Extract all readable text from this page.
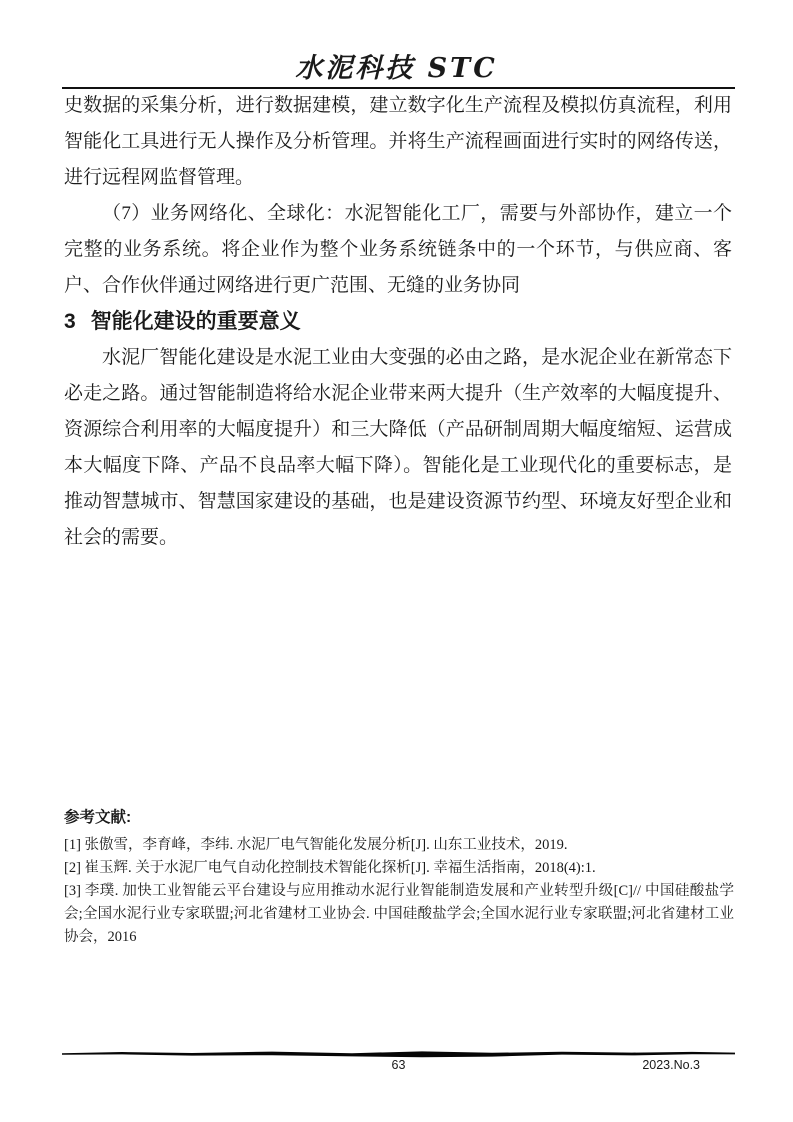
水泥科技 STC

史数据的采集分析，进行数据建模，建立数字化生产流程及模拟仿真流程，利用智能化工具进行无人操作及分析管理。并将生产流程画面进行实时的网络传送，进行远程网监督管理。

（7）业务网络化、全球化：水泥智能化工厂，需要与外部协作，建立一个完整的业务系统。将企业作为整个业务系统链条中的一个环节，与供应商、客户、合作伙伴通过网络进行更广范围、无缝的业务协同

3 智能化建设的重要意义

水泥厂智能化建设是水泥工业由大变强的必由之路，是水泥企业在新常态下必走之路。通过智能制造将给水泥企业带来两大提升（生产效率的大幅度提升、资源综合利用率的大幅度提升）和三大降低（产品研制周期大幅度缩短、运营成本大幅度下降、产品不良品率大幅下降）。智能化是工业现代化的重要标志，是推动智慧城市、智慧国家建设的基础，也是建设资源节约型、环境友好型企业和社会的需要。

参考文献:

[1] 张傲雪，李育峰，李纬. 水泥厂电气智能化发展分析[J]. 山东工业技术，2019.

[2] 崔玉辉. 关于水泥厂电气自动化控制技术智能化探析[J]. 幸福生活指南，2018(4):1.

[3] 李璞. 加快工业智能云平台建设与应用推动水泥行业智能制造发展和产业转型升级[C]// 中国硅酸盐学会;全国水泥行业专家联盟;河北省建材工业协会. 中国硅酸盐学会;全国水泥行业专家联盟;河北省建材工业协会，2016

63	2023.No.3
